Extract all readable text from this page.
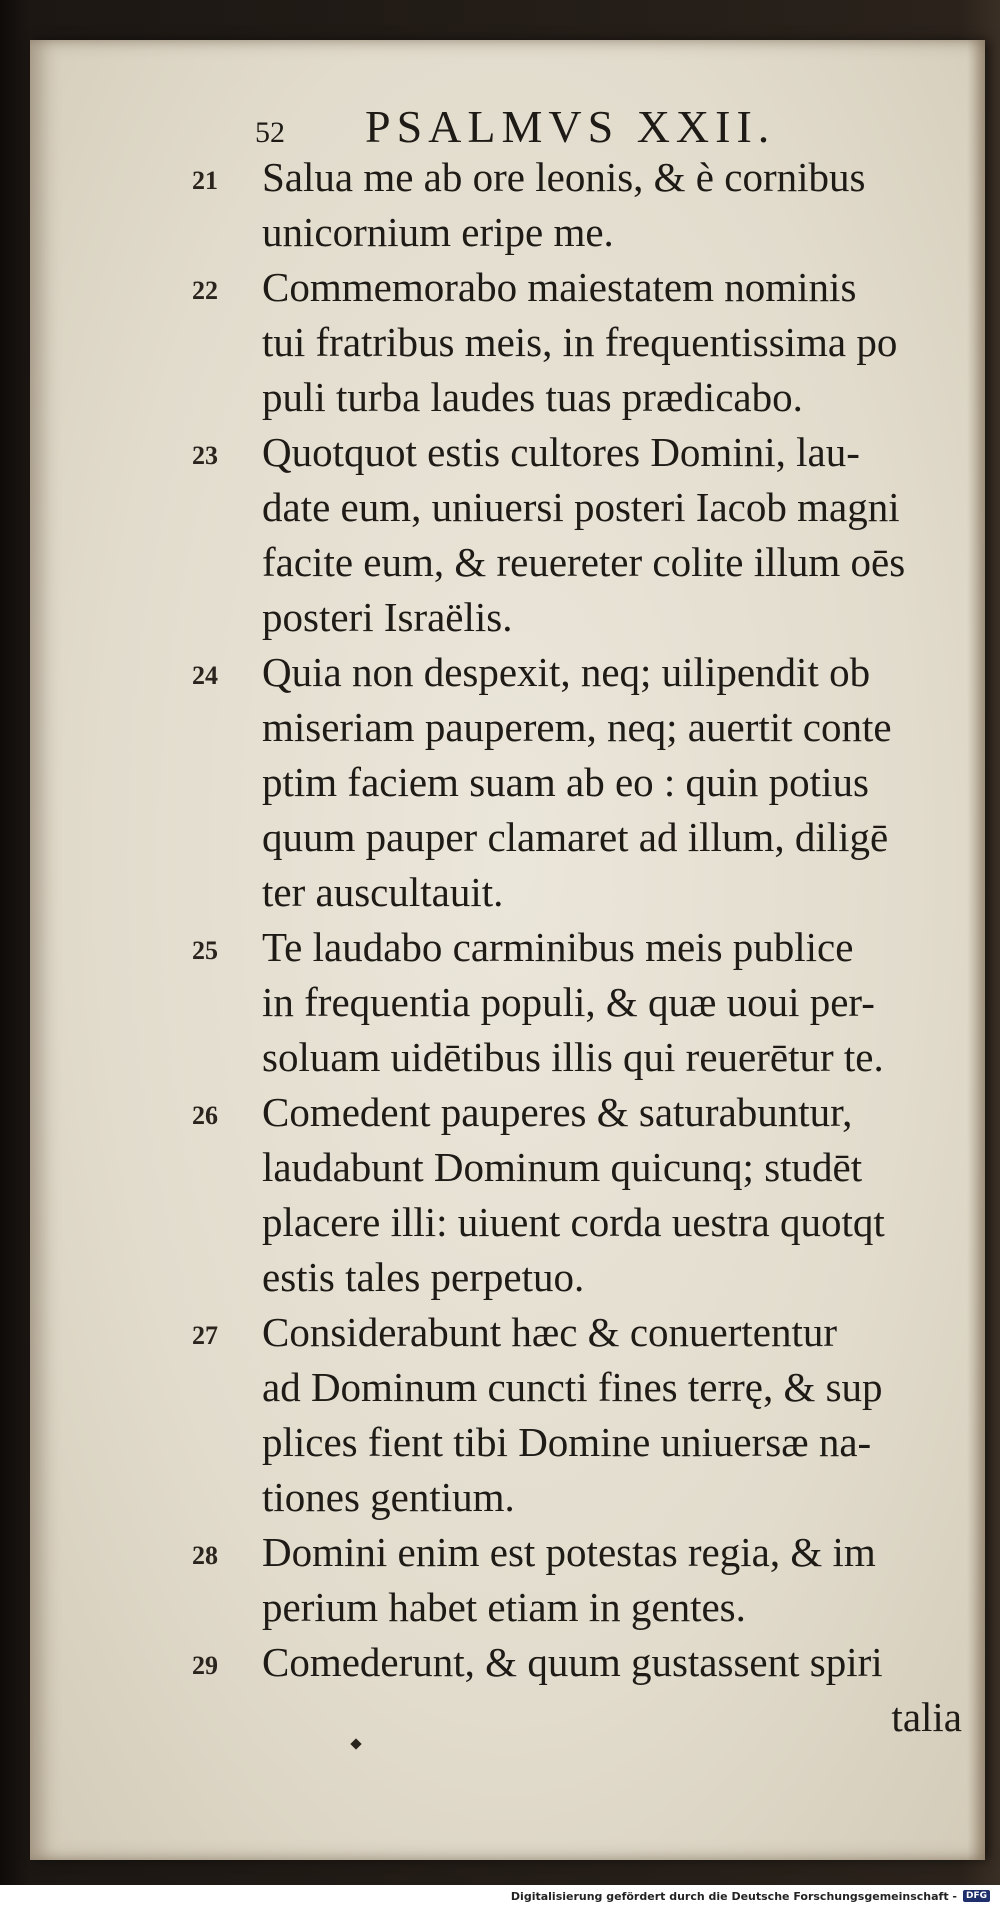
52	PSALMVS XXII.
21	Salua me ab ore leonis, & è cornibus
unicornium eripe me.
22	Commemorabo maiestatem nominis
tui fratribus meis, in frequentissima po
puli turba laudes tuas prædicabo.
23	Quotquot estis cultores Domini, lau-
date eum, uniuersi posteri Iacob magni
facite eum, & reuereter colite illum oēs
posteri Israëlis.
24	Quia non despexit, neq; uilipendit ob
miseriam pauperem, neq; auertit conte
ptim faciem suam ab eo : quin potius
quum pauper clamaret ad illum, diligē
ter auscultauit.
25	Te laudabo carminibus meis publice
in frequentia populi, & quæ uoui per-
soluam uidētibus illis qui reuerētur te.
26	Comedent pauperes & saturabuntur,
laudabunt Dominum quicunq; studēt
placere illi: uiuent corda uestra quotqt
estis tales perpetuo.
27	Considerabunt hæc & conuertentur
ad Dominum cuncti fines terrę, & sup
plices fient tibi Domine uniuersæ na-
tiones gentium.
28	Domini enim est potestas regia, & im
perium habet etiam in gentes.
29	Comederunt, & quum gustassent spiri
talia
Digitalisierung gefördert durch die Deutsche Forschungsgemeinschaft -	DFG
